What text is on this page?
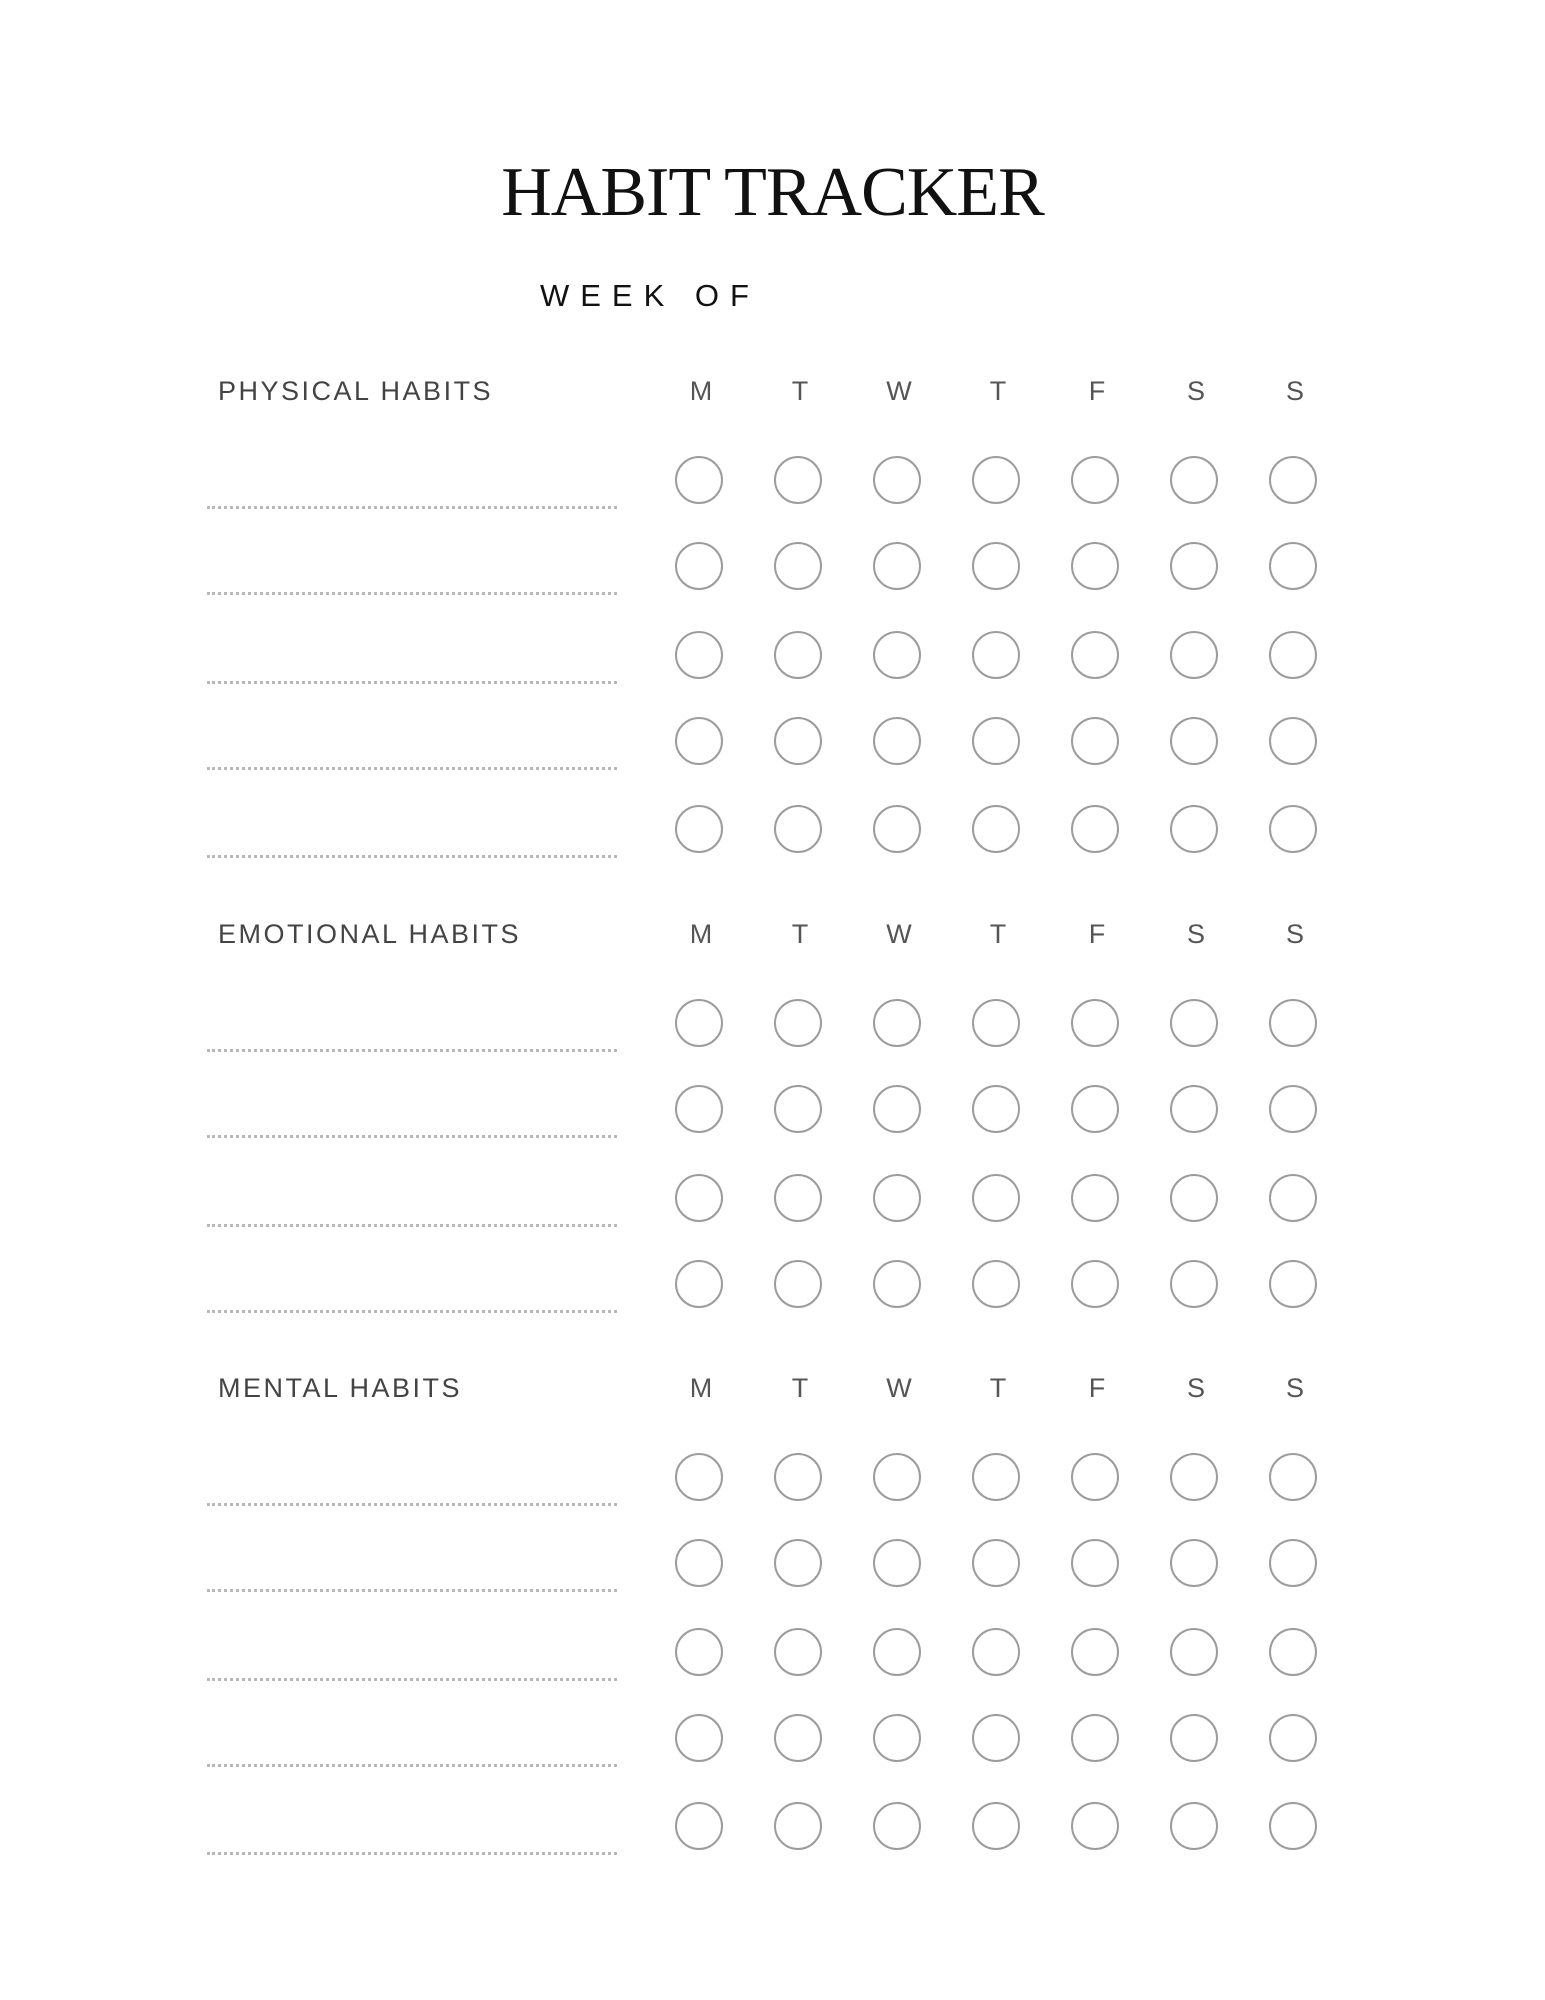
HABIT TRACKER
WEEK OF
PHYSICAL HABITS	M	T	W	T	F	S	S
EMOTIONAL HABITS	M	T	W	T	F	S	S
MENTAL HABITS	M	T	W	T	F	S	S
